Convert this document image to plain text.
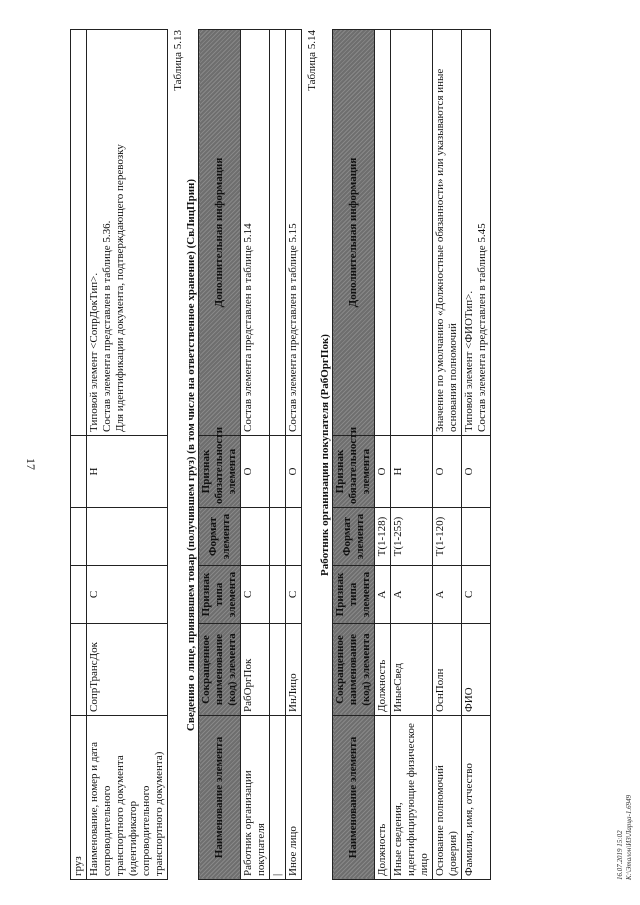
17
16.07.2019 15:02 К:\Эталон\ИЗ\Ларца-1.6949
груз					
Наименование, номер и дата сопроводительного транспортного документа (идентификатор сопроводительного транспортного документа)	СопрТрансДок	С		Н	Типовой элемент <СопрДокТип>.
Состав элемента представлен в таблице 5.36.
Для идентификации документа, подтверждающего перевозку
Таблица 5.13
Сведения о лице, принявшем товар (получившем груз) (в том числе на ответственное хранение) (СвЛицПрин)
Наименование элемента	Сокращенное наименование (код) элемента	Признак типа элемента	Формат элемента	Признак обязательности элемента	Дополнительная информация
Работник организации покупателя	РабОргПок	С		О	Состав элемента представлен в таблице 5.14
|					
Иное лицо	ИнЛицо	С		О	Состав элемента представлен в таблице 5.15
Таблица 5.14
Работник организации покупателя (РабОргПок)
Наименование элемента	Сокращенное наименование (код) элемента	Признак типа элемента	Формат элемента	Признак обязательности элемента	Дополнительная информация
Должность	Должность	А	T(1-128)	О	
Иные сведения, идентифицирующие физическое лицо	ИныеСвед	А	T(1-255)	Н	
Основание полномочий (доверия)	ОснПолн	А	T(1-120)	О	Значение по умолчанию «Должностные обязанности» или указываются иные основания полномочий
Фамилия, имя, отчество	ФИО	С		О	Типовой элемент <ФИОТип>.
Состав элемента представлен в таблице 5.45
